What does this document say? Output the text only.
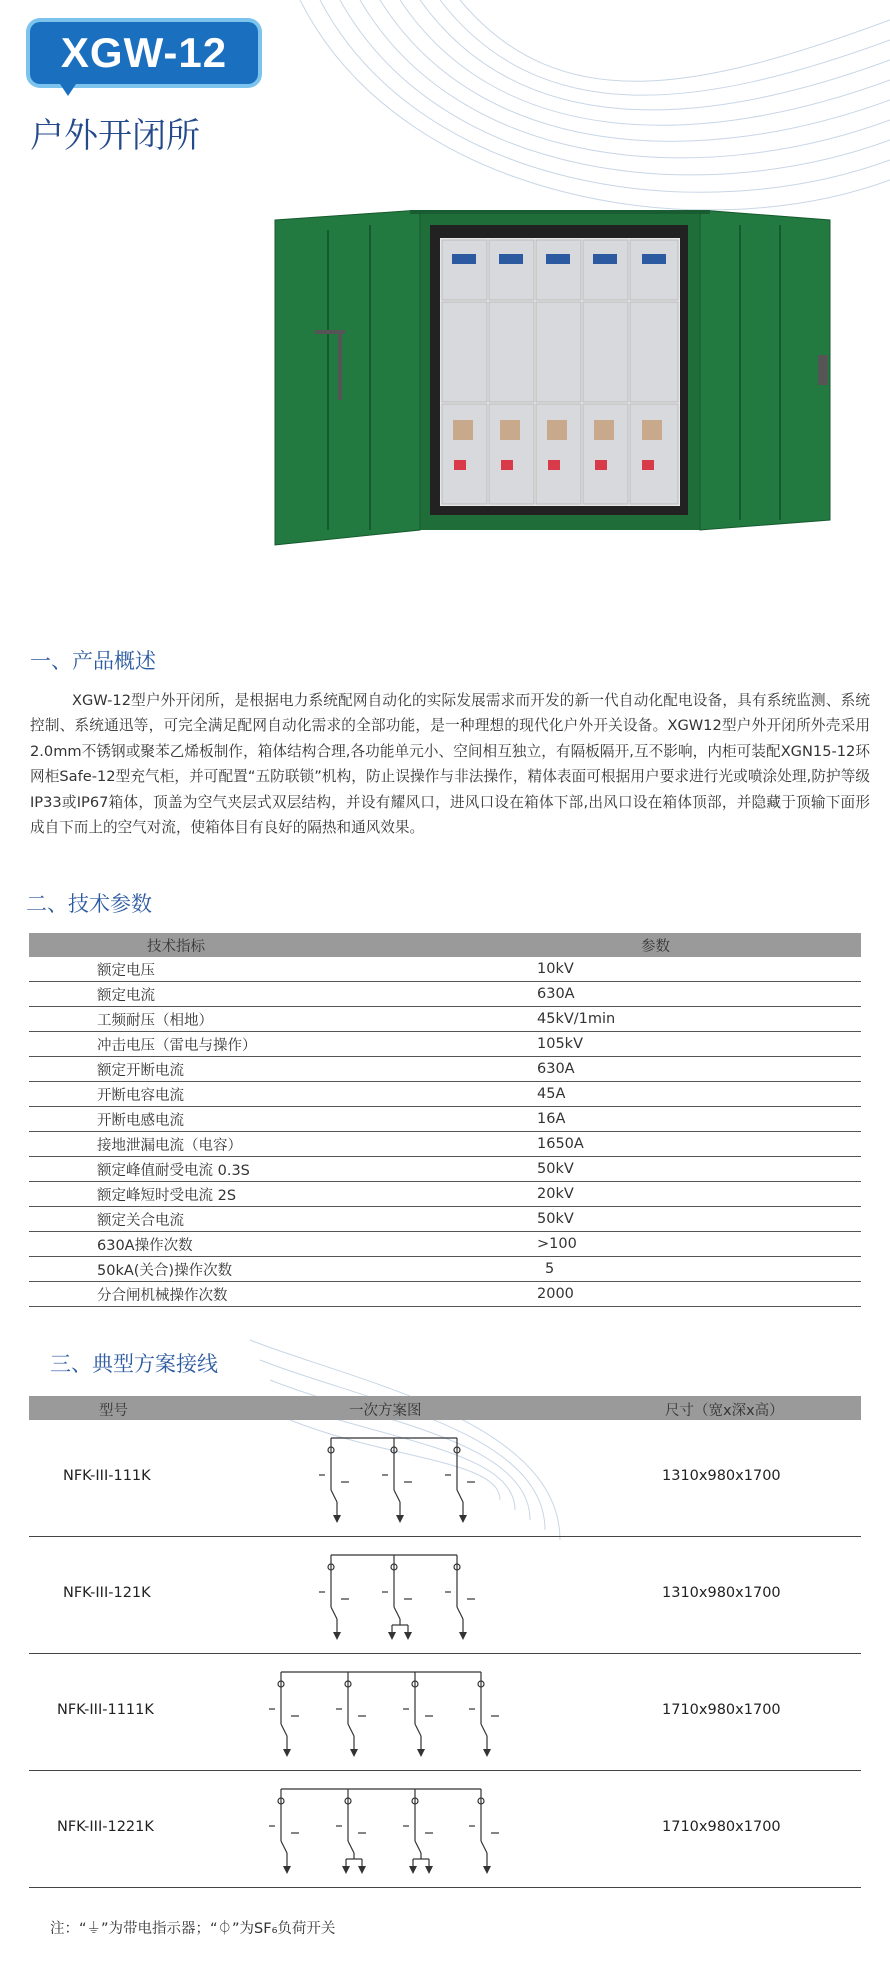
XGW-12
户外开闭所
一、产品概述
XGW-12型户外开闭所，是根据电力系统配网自动化的实际发展需求而开发的新一代自动化配电设备，具有系统监测、系统控制、系统通迅等，可完全满足配网自动化需求的全部功能，是一种理想的现代化户外开关设备。XGW12型户外开闭所外壳采用2.0mm不锈钢或聚苯乙烯板制作，箱体结构合理,各功能单元小、空间相互独立，有隔板隔开,互不影响，内柜可装配XGN15-12环网柜Safe-12型充气柜，并可配置“五防联锁”机构，防止误操作与非法操作，精体表面可根据用户要求进行光或喷涂处理,防护等级IP33或IP67箱体，顶盖为空气夹层式双层结构，并设有耀风口，进风口设在箱体下部,出风口设在箱体顶部，并隐藏于顶输下面形成自下而上的空气对流，使箱体目有良好的隔热和通风效果。
二、技术参数
技术指标	参数
额定电压	10kV
额定电流	630A
工频耐压（相地）	45kV/1min
冲击电压（雷电与操作）	105kV
额定开断电流	630A
开断电容电流	45A
开断电感电流	16A
接地泄漏电流（电容）	1650A
额定峰值耐受电流 0.3S	50kV
额定峰短时受电流 2S	20kV
额定关合电流	50kV
630A操作次数	>100
50kA(关合)操作次数	5
分合闸机械操作次数	2000
三、典型方案接线
型号	一次方案图	尺寸（宽x深x高）
NFK-III-111K	1310x980x1700
NFK-III-121K	1310x980x1700
NFK-III-1111K	1710x980x1700
NFK-III-1221K	1710x980x1700
注：“⏚”为带电指示器；“⏀”为SF₆负荷开关
